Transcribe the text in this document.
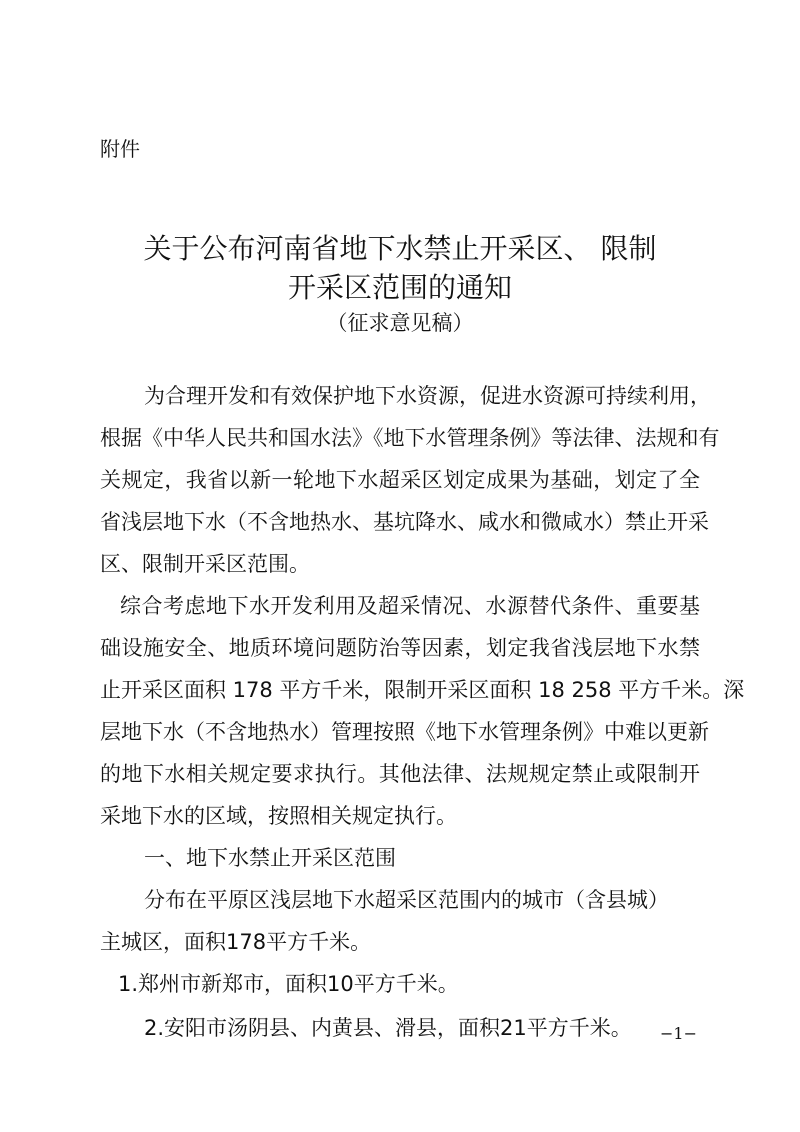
附件
关于公布河南省地下水禁止开采区、 限制
开采区范围的通知
（征求意见稿）
为合理开发和有效保护地下水资源，促进水资源可持续利用，
根据《中华人民共和国水法》《地下水管理条例》等法律、法规和有
关规定，我省以新一轮地下水超采区划定成果为基础，划定了全
省浅层地下水（不含地热水、基坑降水、咸水和微咸水）禁止开采
区、限制开采区范围。
综合考虑地下水开发利用及超采情况、水源替代条件、重要基
础设施安全、地质环境问题防治等因素，划定我省浅层地下水禁
止开采区面积 178 平方千米，限制开采区面积 18 258 平方千米。深
层地下水（不含地热水）管理按照《地下水管理条例》中难以更新
的地下水相关规定要求执行。其他法律、法规规定禁止或限制开
采地下水的区域，按照相关规定执行。
一、地下水禁止开采区范围
分布在平原区浅层地下水超采区范围内的城市（含县城）
主城区，面积178平方千米。
1.郑州市新郑市，面积10平方千米。
2.安阳市汤阴县、内黄县、滑县，面积21平方千米。 −1−
